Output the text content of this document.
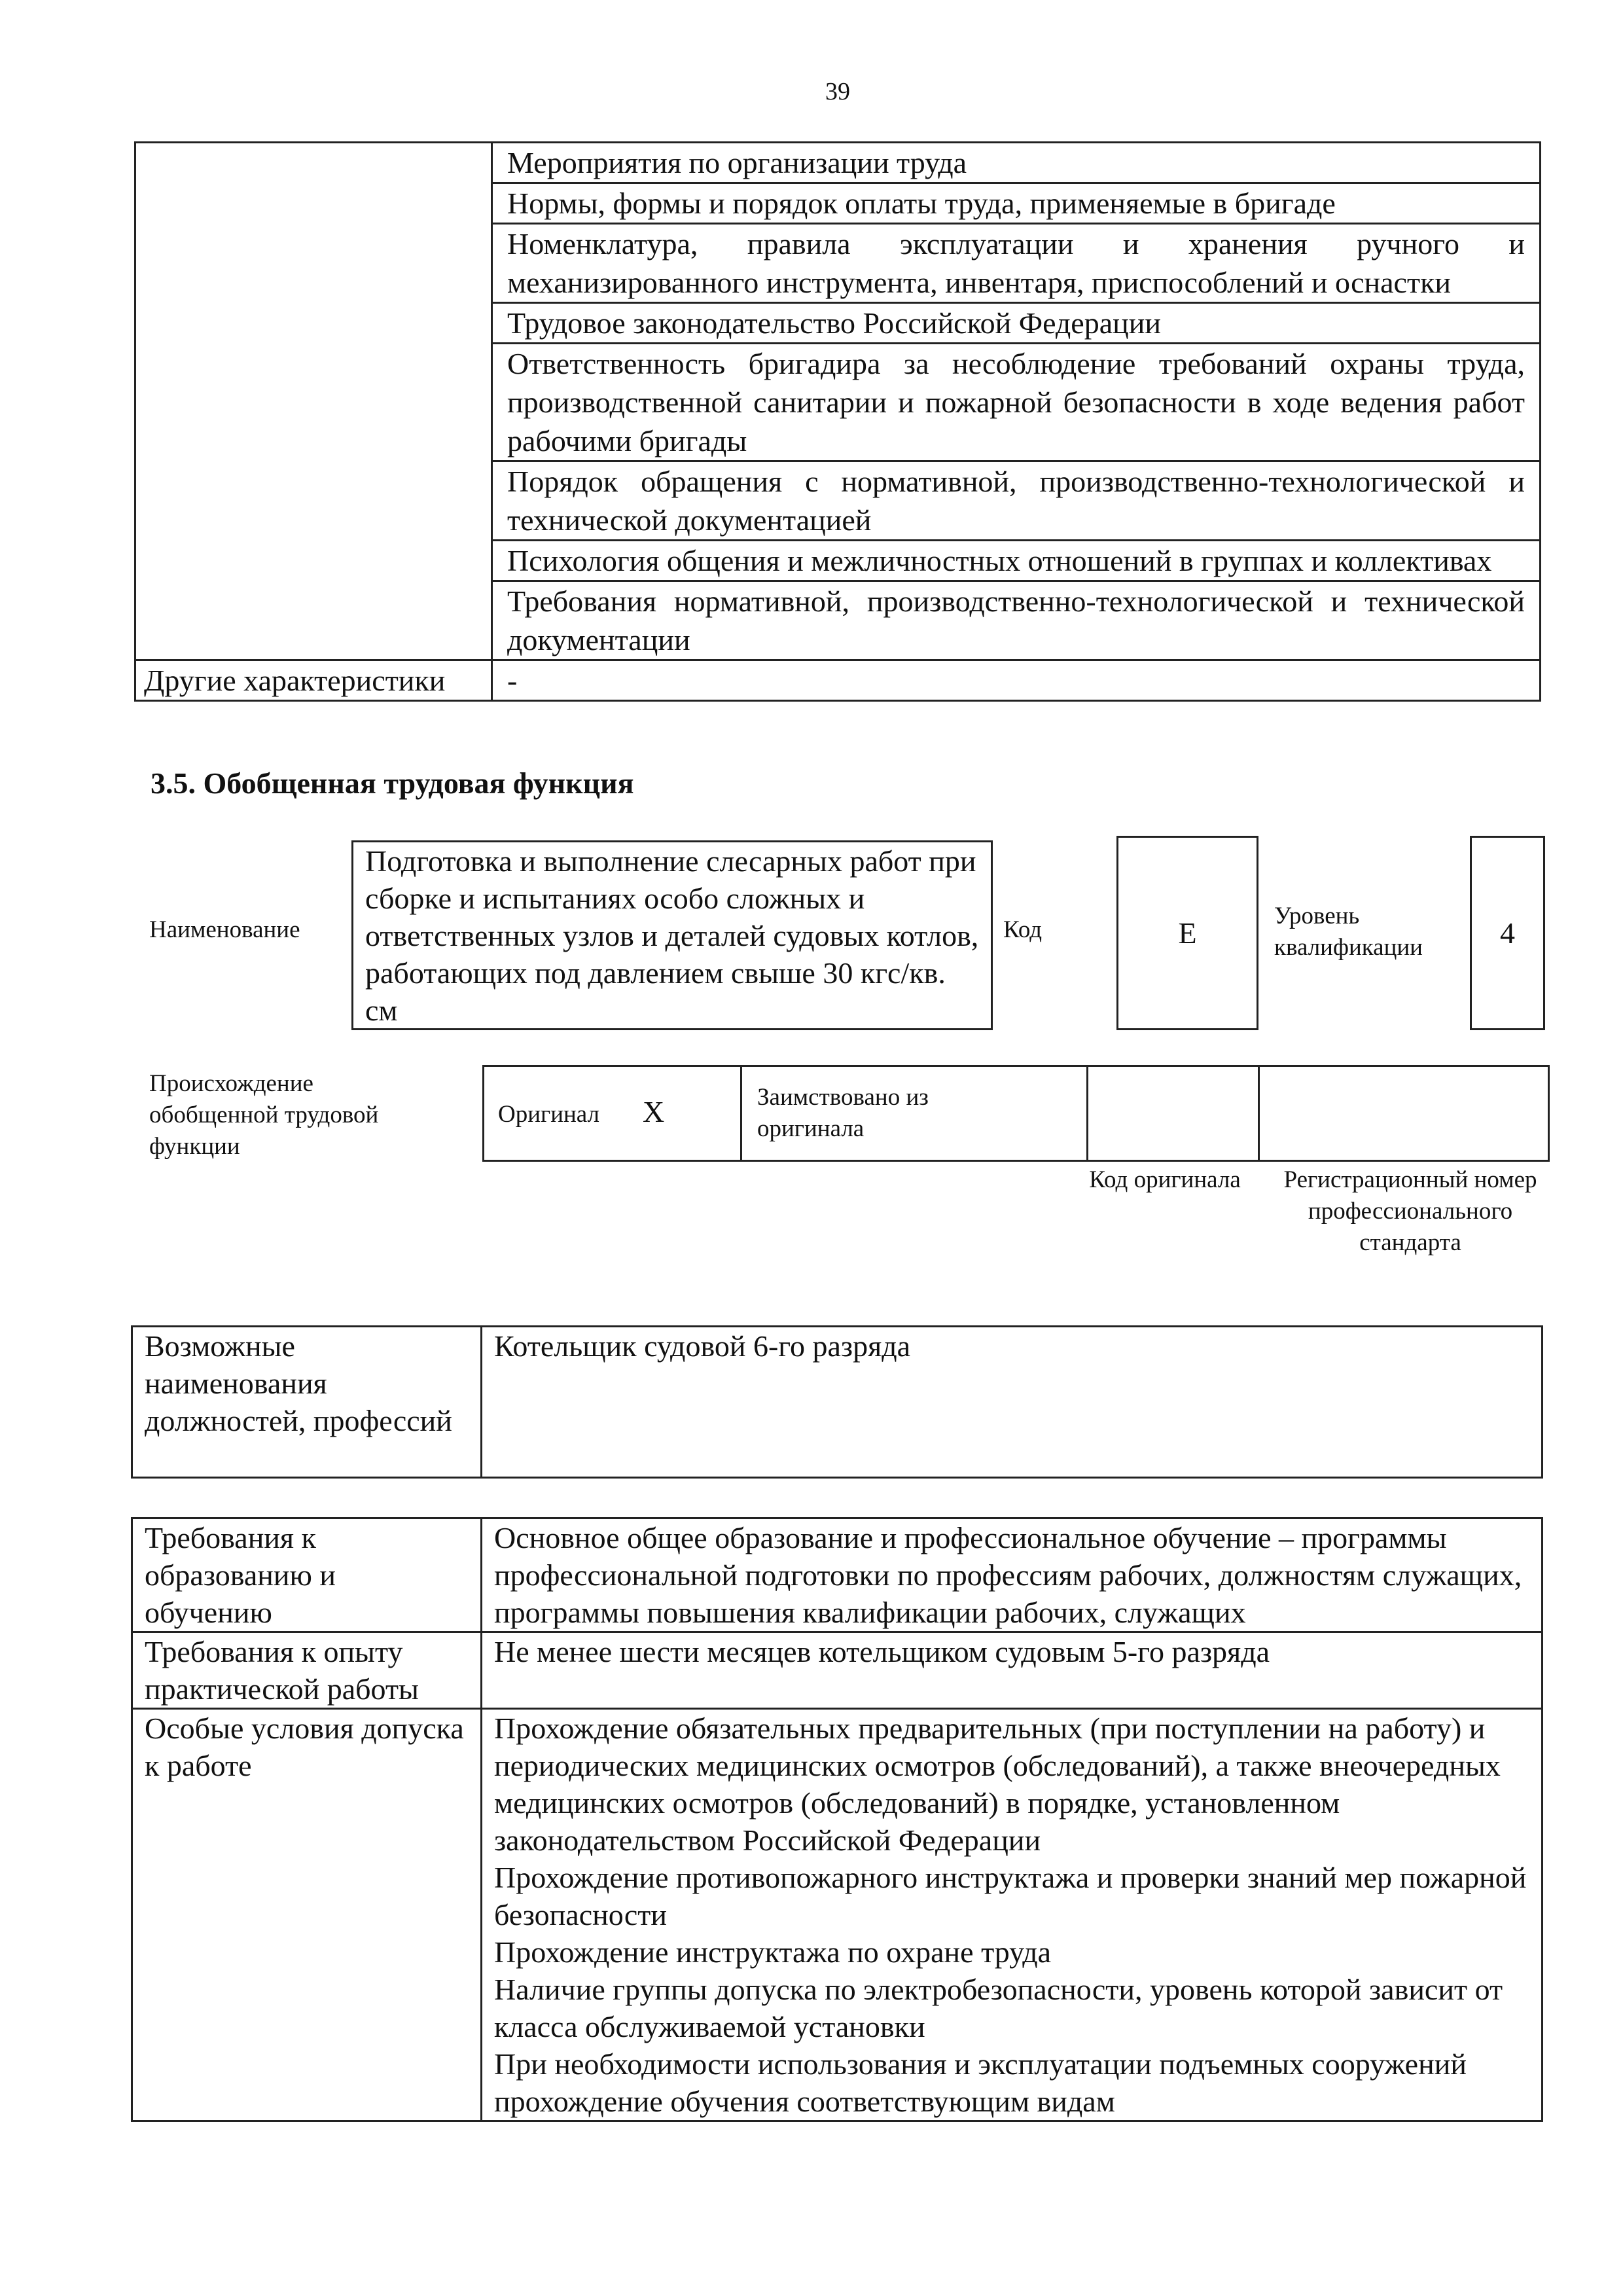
39
	Мероприятия по организации труда
	Нормы, формы и порядок оплаты труда, применяемые в бригаде
	Номенклатура, правила эксплуатации и хранения ручного и механизированного инструмента, инвентаря, приспособлений и оснастки
	Трудовое законодательство Российской Федерации
	Ответственность бригадира за несоблюдение требований охраны труда, производственной санитарии и пожарной безопасности в ходе ведения работ рабочими бригады
	Порядок обращения с нормативной, производственно-технологической и технической документацией
	Психология общения и межличностных отношений в группах и коллективах
	Требования нормативной, производственно-технологической и технической документации
Другие характеристики	-
3.5. Обобщенная трудовая функция
Наименование
Подготовка и выполнение слесарных работ при сборке и испытаниях особо сложных и ответственных узлов и деталей судовых котлов, работающих под давлением свыше 30 кгс/кв. см
Код	E
Уровень квалификации	4
Происхождение обобщенной трудовой функции
Оригинал X	Заимствовано из оригинала

Код оригинала	Регистрационный номер профессионального стандарта
Возможные наименования должностей, профессий	Котельщик судовой 6-го разряда
Требования к образованию и обучению	Основное общее образование и профессиональное обучение – программы профессиональной подготовки по профессиям рабочих, должностям служащих, программы повышения квалификации рабочих, служащих
Требования к опыту практической работы	Не менее шести месяцев котельщиком судовым 5-го разряда
Особые условия допуска к работе	Прохождение обязательных предварительных (при поступлении на работу) и периодических медицинских осмотров (обследований), а также внеочередных медицинских осмотров (обследований) в порядке, установленном законодательством Российской Федерации
Прохождение противопожарного инструктажа и проверки знаний мер пожарной безопасности
Прохождение инструктажа по охране труда
Наличие группы допуска по электробезопасности, уровень которой зависит от класса обслуживаемой установки
При необходимости использования и эксплуатации подъемных сооружений прохождение обучения соответствующим видам
